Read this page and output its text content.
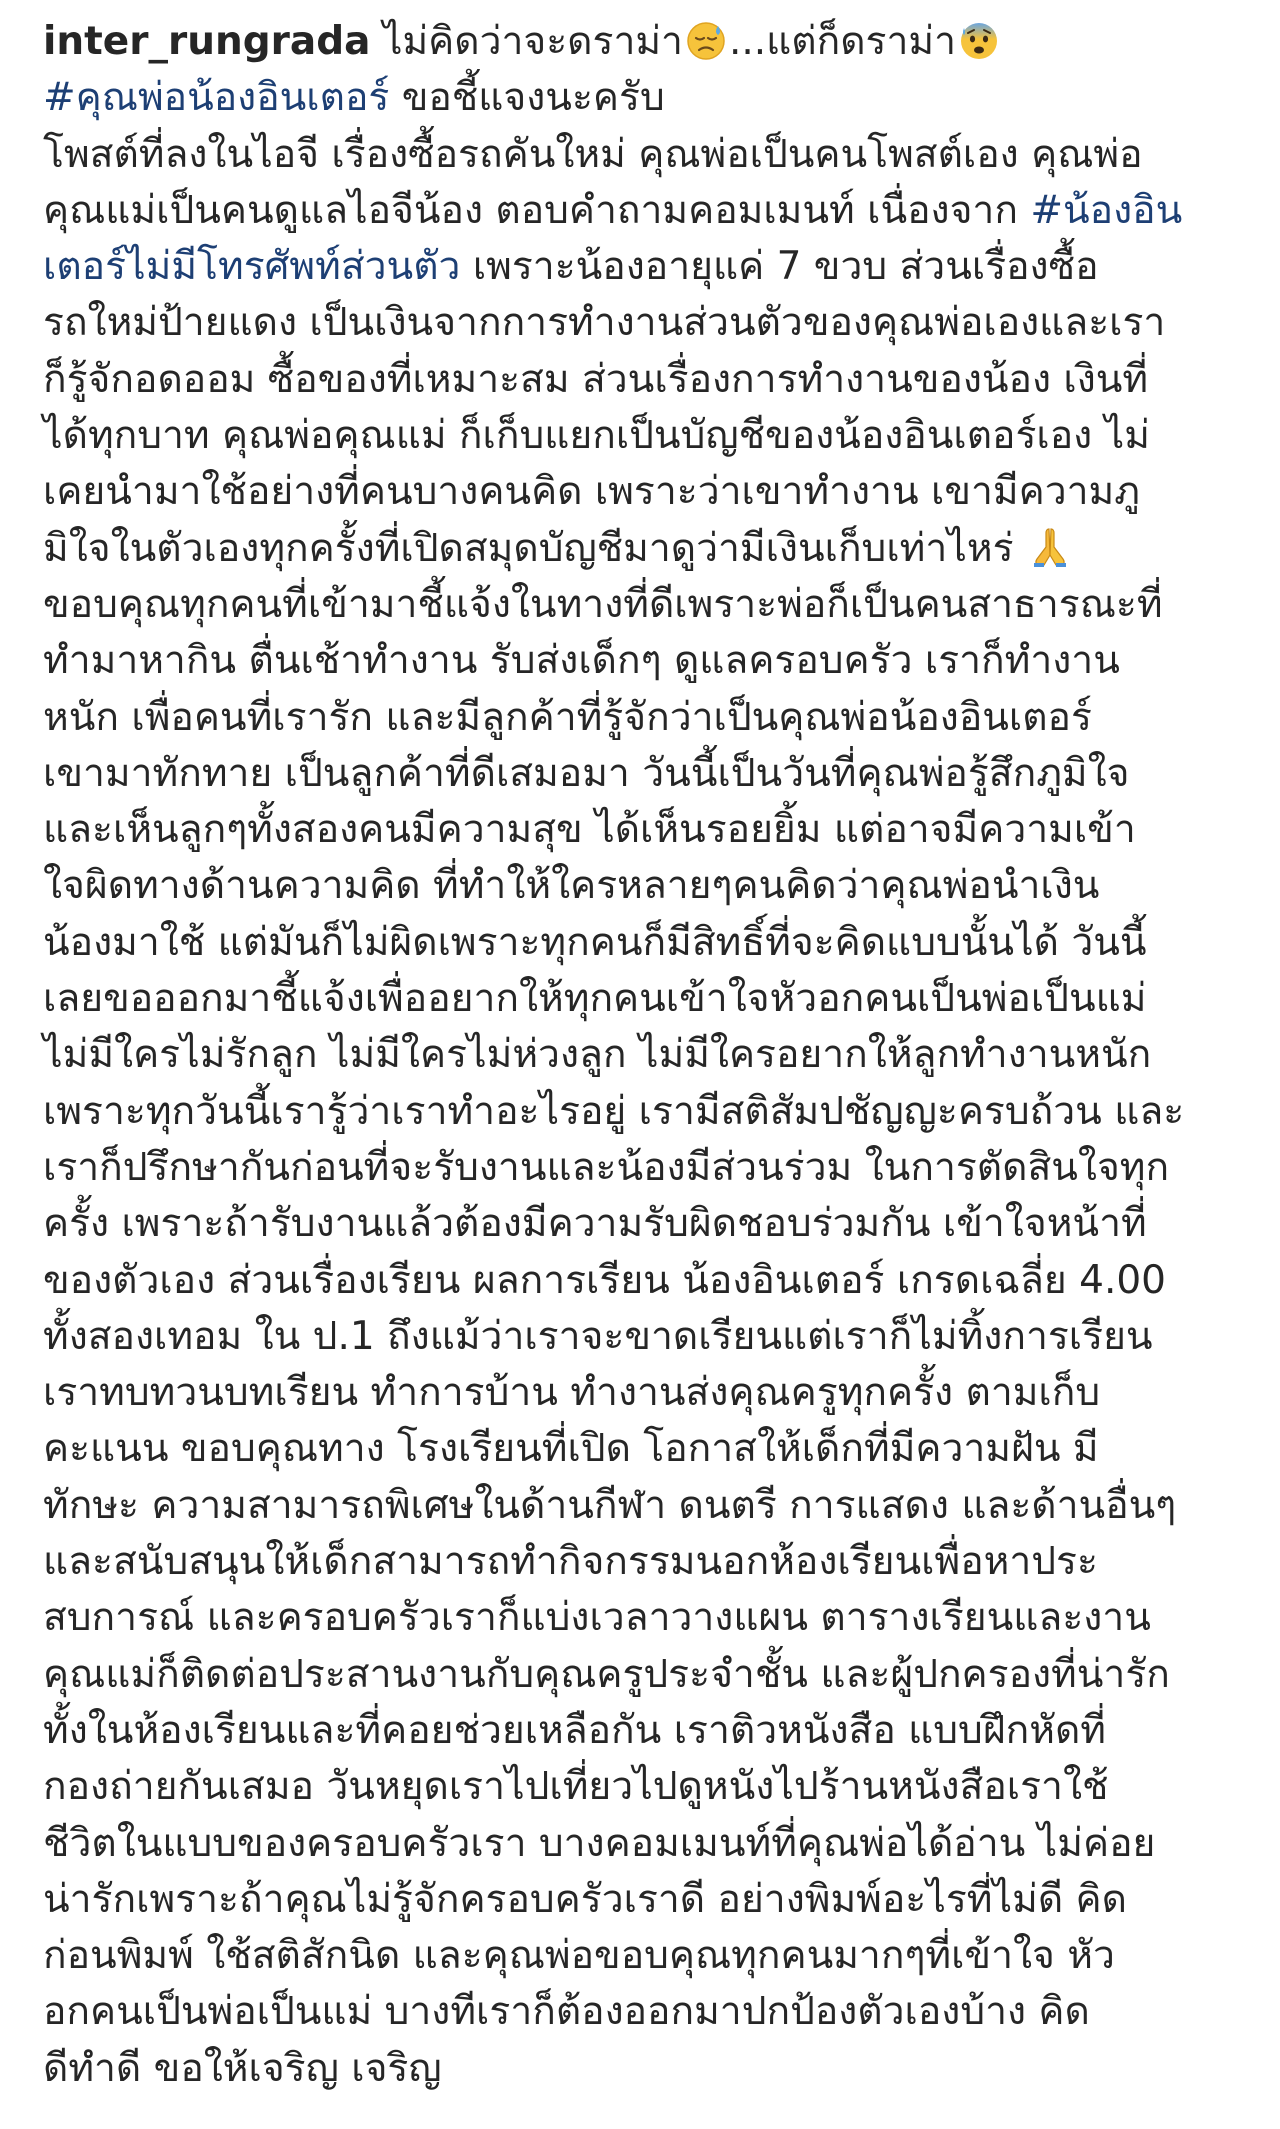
inter_rungrada ไม่คิดว่าจะดราม่า ...แต่ก็ดราม่า
#คุณพ่อน้องอินเตอร์ ขอชี้แจงนะครับ
โพสต์ที่ลงในไอจี เรื่องซื้อรถคันใหม่ คุณพ่อเป็นคนโพสต์เอง คุณพ่อ
คุณแม่เป็นคนดูแลไอจีน้อง ตอบคำถามคอมเมนท์ เนื่องจาก #น้องอิน
เตอร์ไม่มีโทรศัพท์ส่วนตัว เพราะน้องอายุแค่ 7 ขวบ ส่วนเรื่องซื้อ
รถใหม่ป้ายแดง เป็นเงินจากการทำงานส่วนตัวของคุณพ่อเองและเรา
ก็รู้จักอดออม ซื้อของที่เหมาะสม ส่วนเรื่องการทำงานของน้อง เงินที่
ได้ทุกบาท คุณพ่อคุณแม่ ก็เก็บแยกเป็นบัญชีของน้องอินเตอร์เอง ไม่
เคยนำมาใช้อย่างที่คนบางคนคิด เพราะว่าเขาทำงาน เขามีความภู
มิใจในตัวเองทุกครั้งที่เปิดสมุดบัญชีมาดูว่ามีเงินเก็บเท่าไหร่
ขอบคุณทุกคนที่เข้ามาชี้แจ้งในทางที่ดีเพราะพ่อก็เป็นคนสาธารณะที่
ทำมาหากิน ตื่นเช้าทำงาน รับส่งเด็กๆ ดูแลครอบครัว เราก็ทำงาน
หนัก เพื่อคนที่เรารัก และมีลูกค้าที่รู้จักว่าเป็นคุณพ่อน้องอินเตอร์
เขามาทักทาย เป็นลูกค้าที่ดีเสมอมา วันนี้เป็นวันที่คุณพ่อรู้สึกภูมิใจ
และเห็นลูกๆทั้งสองคนมีความสุข ได้เห็นรอยยิ้ม แต่อาจมีความเข้า
ใจผิดทางด้านความคิด ที่ทำให้ใครหลายๆคนคิดว่าคุณพ่อนำเงิน
น้องมาใช้ แต่มันก็ไม่ผิดเพราะทุกคนก็มีสิทธิ์ที่จะคิดแบบนั้นได้ วันนี้
เลยขอออกมาชี้แจ้งเพื่ออยากให้ทุกคนเข้าใจหัวอกคนเป็นพ่อเป็นแม่
ไม่มีใครไม่รักลูก ไม่มีใครไม่ห่วงลูก ไม่มีใครอยากให้ลูกทำงานหนัก
เพราะทุกวันนี้เรารู้ว่าเราทำอะไรอยู่ เรามีสติสัมปชัญญะครบถ้วน และ
เราก็ปรึกษากันก่อนที่จะรับงานและน้องมีส่วนร่วม ในการตัดสินใจทุก
ครั้ง เพราะถ้ารับงานแล้วต้องมีความรับผิดชอบร่วมกัน เข้าใจหน้าที่
ของตัวเอง ส่วนเรื่องเรียน ผลการเรียน น้องอินเตอร์ เกรดเฉลี่ย 4.00
ทั้งสองเทอม ใน ป.1 ถึงแม้ว่าเราจะขาดเรียนแต่เราก็ไม่ทิ้งการเรียน
เราทบทวนบทเรียน ทำการบ้าน ทำงานส่งคุณครูทุกครั้ง ตามเก็บ
คะแนน ขอบคุณทาง โรงเรียนที่เปิด โอกาสให้เด็กที่มีความฝัน มี
ทักษะ ความสามารถพิเศษในด้านกีฬา ดนตรี การแสดง และด้านอื่นๆ
และสนับสนุนให้เด็กสามารถทำกิจกรรมนอกห้องเรียนเพื่อหาประ
สบการณ์ และครอบครัวเราก็แบ่งเวลาวางแผน ตารางเรียนและงาน
คุณแม่ก็ติดต่อประสานงานกับคุณครูประจำชั้น และผู้ปกครองที่น่ารัก
ทั้งในห้องเรียนและที่คอยช่วยเหลือกัน เราติวหนังสือ แบบฝึกหัดที่
กองถ่ายกันเสมอ วันหยุดเราไปเที่ยวไปดูหนังไปร้านหนังสือเราใช้
ชีวิตในแบบของครอบครัวเรา บางคอมเมนท์ที่คุณพ่อได้อ่าน ไม่ค่อย
น่ารักเพราะถ้าคุณไม่รู้จักครอบครัวเราดี อย่างพิมพ์อะไรที่ไม่ดี คิด
ก่อนพิมพ์ ใช้สติสักนิด และคุณพ่อขอบคุณทุกคนมากๆที่เข้าใจ หัว
อกคนเป็นพ่อเป็นแม่ บางทีเราก็ต้องออกมาปกป้องตัวเองบ้าง คิด
ดีทำดี ขอให้เจริญ เจริญ
